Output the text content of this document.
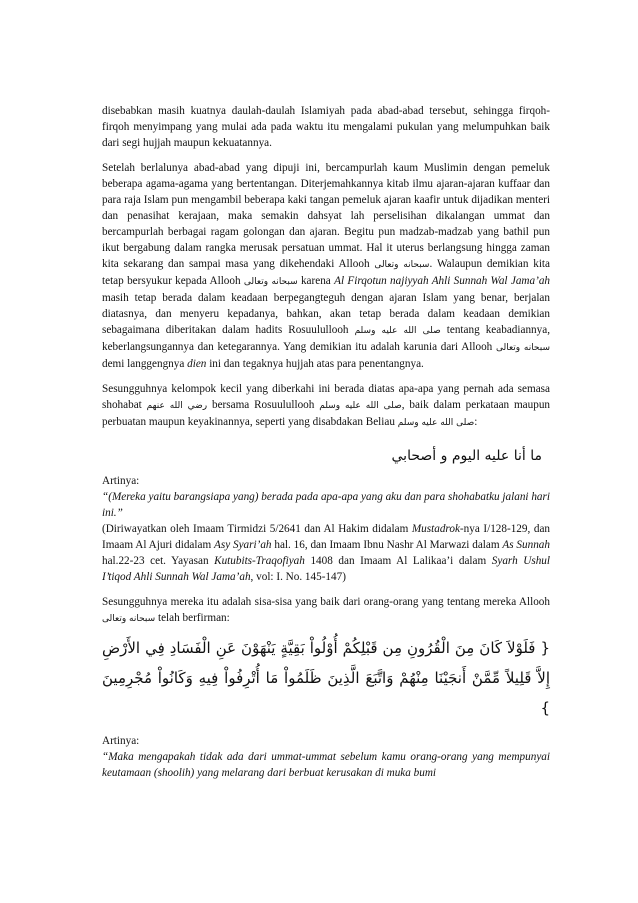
disebabkan masih kuatnya daulah-daulah Islamiyah pada abad-abad tersebut, sehingga firqoh-firqoh menyimpang yang mulai ada pada waktu itu mengalami pukulan yang melumpuhkan baik dari segi hujjah maupun kekuatannya.

Setelah berlalunya abad-abad yang dipuji ini, bercampurlah kaum Muslimin dengan pemeluk beberapa agama-agama yang bertentangan. Diterjemahkannya kitab ilmu ajaran-ajaran kuffaar dan para raja Islam pun mengambil beberapa kaki tangan pemeluk ajaran kaafir untuk dijadikan menteri dan penasihat kerajaan, maka semakin dahsyat lah perselisihan dikalangan ummat dan bercampurlah berbagai ragam golongan dan ajaran. Begitu pun madzab-madzab yang bathil pun ikut bergabung dalam rangka merusak persatuan ummat. Hal it uterus berlangsung hingga zaman kita sekarang dan sampai masa yang dikehendaki Allooh سبحانه وتعالى. Walaupun demikian kita tetap bersyukur kepada Allooh سبحانه وتعالى karena Al Firqotun najiyyah Ahli Sunnah Wal Jama’ah masih tetap berada dalam keadaan berpegangteguh dengan ajaran Islam yang benar, berjalan diatasnya, dan menyeru kepadanya, bahkan, akan tetap berada dalam keadaan demikian sebagaimana diberitakan dalam hadits Rosuulullooh صلى الله عليه وسلم tentang keabadiannya, keberlangsungannya dan ketegarannya. Yang demikian itu adalah karunia dari Allooh سبحانه وتعالى demi langgengnya dien ini dan tegaknya hujjah atas para penentangnya.

Sesungguhnya kelompok kecil yang diberkahi ini berada diatas apa-apa yang pernah ada semasa shohabat رضي الله عنهم bersama Rosuulullooh صلى الله عليه وسلم, baik dalam perkataan maupun perbuatan maupun keyakinannya, seperti yang disabdakan Beliau صلى الله عليه وسلم:

ما أنا عليه اليوم و أصحابي

Artinya:

“(Mereka yaitu barangsiapa yang) berada pada apa-apa yang aku dan para shohabatku jalani hari ini.”

(Diriwayatkan oleh Imaam Tirmidzi 5/2641 dan Al Hakim didalam Mustadrok-nya I/128-129, dan Imaam Al Ajuri didalam Asy Syari’ah hal. 16, dan Imaam Ibnu Nashr Al Marwazi dalam As Sunnah hal.22-23 cet. Yayasan Kutubits-Traqofiyah 1408 dan Imaam Al Lalikaa’i dalam Syarh Ushul I’tiqod Ahli Sunnah Wal Jama’ah, vol: I. No. 145-147)

Sesungguhnya mereka itu adalah sisa-sisa yang baik dari orang-orang yang tentang mereka Allooh سبحانه وتعالى telah berfirman:

{ فَلَوْلاَ كَانَ مِنَ الْقُرُونِ مِن قَبْلِكُمْ أُوْلُواْ بَقِيَّةٍ يَنْهَوْنَ عَنِ الْفَسَادِ فِي الأَرْضِ إِلاَّ قَلِيلاً مِّمَّنْ أَنجَيْنَا مِنْهُمْ وَاتَّبَعَ الَّذِينَ ظَلَمُواْ مَا أُتْرِفُواْ فِيهِ وَكَانُواْ مُجْرِمِينَ }

Artinya:

“Maka mengapakah tidak ada dari ummat-ummat sebelum kamu orang-orang yang mempunyai keutamaan (shoolih) yang melarang dari berbuat kerusakan di muka bumi
